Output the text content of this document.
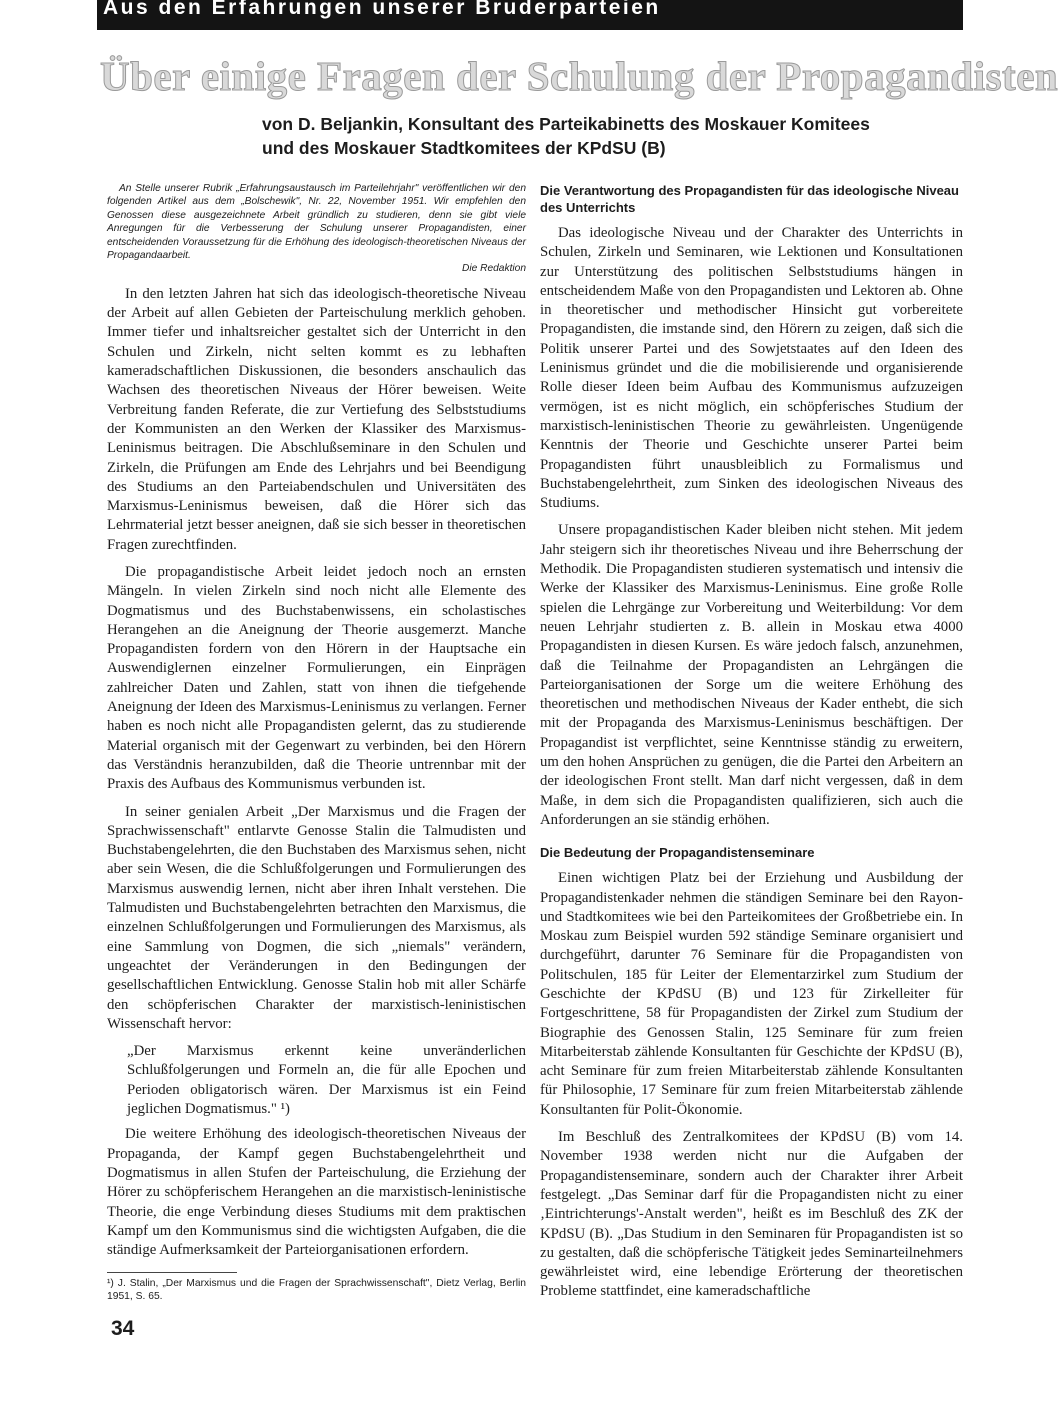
Aus den Erfahrungen unserer Bruderparteien
Über einige Fragen der Schulung der Propagandisten
von D. Beljankin, Konsultant des Parteikabinetts des Moskauer Komitees
und des Moskauer Stadtkomitees der KPdSU (B)
An Stelle unserer Rubrik „Erfahrungsaustausch im Parteilehrjahr" veröffentlichen wir den folgenden Artikel aus dem „Bolschewik", Nr. 22, November 1951. Wir empfehlen den Genossen diese ausgezeichnete Arbeit gründlich zu studieren, denn sie gibt viele Anregungen für die Verbesserung der Schulung unserer Propagandisten, einer entscheidenden Voraussetzung für die Erhöhung des ideologisch-theoretischen Niveaus der Propagandaarbeit.
Die Redaktion

In den letzten Jahren hat sich das ideologisch-theoretische Niveau der Arbeit auf allen Gebieten der Parteischulung merklich gehoben. Immer tiefer und inhaltsreicher gestaltet sich der Unterricht in den Schulen und Zirkeln, nicht selten kommt es zu lebhaften kameradschaftlichen Diskussionen, die besonders anschaulich das Wachsen des theoretischen Niveaus der Hörer beweisen. Weite Verbreitung fanden Referate, die zur Vertiefung des Selbststudiums der Kommunisten an den Werken der Klassiker des Marxismus-Leninismus beitragen. Die Abschlußseminare in den Schulen und Zirkeln, die Prüfungen am Ende des Lehrjahrs und bei Beendigung des Studiums an den Parteiabendschulen und Universitäten des Marxismus-Leninismus beweisen, daß die Hörer sich das Lehrmaterial jetzt besser aneignen, daß sie sich besser in theoretischen Fragen zurechtfinden.

Die propagandistische Arbeit leidet jedoch noch an ernsten Mängeln. In vielen Zirkeln sind noch nicht alle Elemente des Dogmatismus und des Buchstabenwissens, ein scholastisches Herangehen an die Aneignung der Theorie ausgemerzt. Manche Propagandisten fordern von den Hörern in der Hauptsache ein Auswendiglernen einzelner Formulierungen, ein Einprägen zahlreicher Daten und Zahlen, statt von ihnen die tiefgehende Aneignung der Ideen des Marxismus-Leninismus zu verlangen. Ferner haben es noch nicht alle Propagandisten gelernt, das zu studierende Material organisch mit der Gegenwart zu verbinden, bei den Hörern das Verständnis heranzubilden, daß die Theorie untrennbar mit der Praxis des Aufbaus des Kommunismus verbunden ist.

In seiner genialen Arbeit „Der Marxismus und die Fragen der Sprachwissenschaft" entlarvte Genosse Stalin die Talmudisten und Buchstabengelehrten, die den Buchstaben des Marxismus sehen, nicht aber sein Wesen, die die Schlußfolgerungen und Formulierungen des Marxismus auswendig lernen, nicht aber ihren Inhalt verstehen. Die Talmudisten und Buchstabengelehrten betrachten den Marxismus, die einzelnen Schlußfolgerungen und Formulierungen des Marxismus, als eine Sammlung von Dogmen, die sich „niemals" verändern, ungeachtet der Veränderungen in den Bedingungen der gesellschaftlichen Entwicklung. Genosse Stalin hob mit aller Schärfe den schöpferischen Charakter der marxistisch-leninistischen Wissenschaft hervor:

„Der Marxismus erkennt keine unveränderlichen Schlußfolgerungen und Formeln an, die für alle Epochen und Perioden obligatorisch wären. Der Marxismus ist ein Feind jeglichen Dogmatismus." ¹)

Die weitere Erhöhung des ideologisch-theoretischen Niveaus der Propaganda, der Kampf gegen Buchstabengelehrtheit und Dogmatismus in allen Stufen der Parteischulung, die Erziehung der Hörer zu schöpferischem Herangehen an die marxistisch-leninistische Theorie, die enge Verbindung dieses Studiums mit dem praktischen Kampf um den Kommunismus sind die wichtigsten Aufgaben, die die ständige Aufmerksamkeit der Parteiorganisationen erfordern.

¹) J. Stalin, „Der Marxismus und die Fragen der Sprachwissenschaft", Dietz Verlag, Berlin 1951, S. 65.

Die Verantwortung des Propagandisten für das ideologische Niveau des Unterrichts

Das ideologische Niveau und der Charakter des Unterrichts in Schulen, Zirkeln und Seminaren, wie Lektionen und Konsultationen zur Unterstützung des politischen Selbststudiums hängen in entscheidendem Maße von den Propagandisten und Lektoren ab. Ohne in theoretischer und methodischer Hinsicht gut vorbereitete Propagandisten, die imstande sind, den Hörern zu zeigen, daß sich die Politik unserer Partei und des Sowjetstaates auf den Ideen des Leninismus gründet und die die mobilisierende und organisierende Rolle dieser Ideen beim Aufbau des Kommunismus aufzuzeigen vermögen, ist es nicht möglich, ein schöpferisches Studium der marxistisch-leninistischen Theorie zu gewährleisten. Ungenügende Kenntnis der Theorie und Geschichte unserer Partei beim Propagandisten führt unausbleiblich zu Formalismus und Buchstabengelehrtheit, zum Sinken des ideologischen Niveaus des Studiums.

Unsere propagandistischen Kader bleiben nicht stehen. Mit jedem Jahr steigern sich ihr theoretisches Niveau und ihre Beherrschung der Methodik. Die Propagandisten studieren systematisch und intensiv die Werke der Klassiker des Marxismus-Leninismus. Eine große Rolle spielen die Lehrgänge zur Vorbereitung und Weiterbildung: Vor dem neuen Lehrjahr studierten z. B. allein in Moskau etwa 4000 Propagandisten in diesen Kursen. Es wäre jedoch falsch, anzunehmen, daß die Teilnahme der Propagandisten an Lehrgängen die Parteiorganisationen der Sorge um die weitere Erhöhung des theoretischen und methodischen Niveaus der Kader enthebt, die sich mit der Propaganda des Marxismus-Leninismus beschäftigen. Der Propagandist ist verpflichtet, seine Kenntnisse ständig zu erweitern, um den hohen Ansprüchen zu genügen, die die Partei den Arbeitern an der ideologischen Front stellt. Man darf nicht vergessen, daß in dem Maße, in dem sich die Propagandisten qualifizieren, sich auch die Anforderungen an sie ständig erhöhen.

Die Bedeutung der Propagandistenseminare

Einen wichtigen Platz bei der Erziehung und Ausbildung der Propagandistenkader nehmen die ständigen Seminare bei den Rayon- und Stadtkomitees wie bei den Parteikomitees der Großbetriebe ein. In Moskau zum Beispiel wurden 592 ständige Seminare organisiert und durchgeführt, darunter 76 Seminare für die Propagandisten von Politschulen, 185 für Leiter der Elementarzirkel zum Studium der Geschichte der KPdSU (B) und 123 für Zirkelleiter für Fortgeschrittene, 58 für Propagandisten der Zirkel zum Studium der Biographie des Genossen Stalin, 125 Seminare für zum freien Mitarbeiterstab zählende Konsultanten für Geschichte der KPdSU (B), acht Seminare für zum freien Mitarbeiterstab zählende Konsultanten für Philosophie, 17 Seminare für zum freien Mitarbeiterstab zählende Konsultanten für Polit-Ökonomie.

Im Beschluß des Zentralkomitees der KPdSU (B) vom 14. November 1938 werden nicht nur die Aufgaben der Propagandistenseminare, sondern auch der Charakter ihrer Arbeit festgelegt. „Das Seminar darf für die Propagandisten nicht zu einer ‚Eintrichterungs'-Anstalt werden", heißt es im Beschluß des ZK der KPdSU (B). „Das Studium in den Seminaren für Propagandisten ist so zu gestalten, daß die schöpferische Tätigkeit jedes Seminarteilnehmers gewährleistet wird, eine lebendige Erörterung der theoretischen Probleme stattfindet, eine kameradschaftliche

34
